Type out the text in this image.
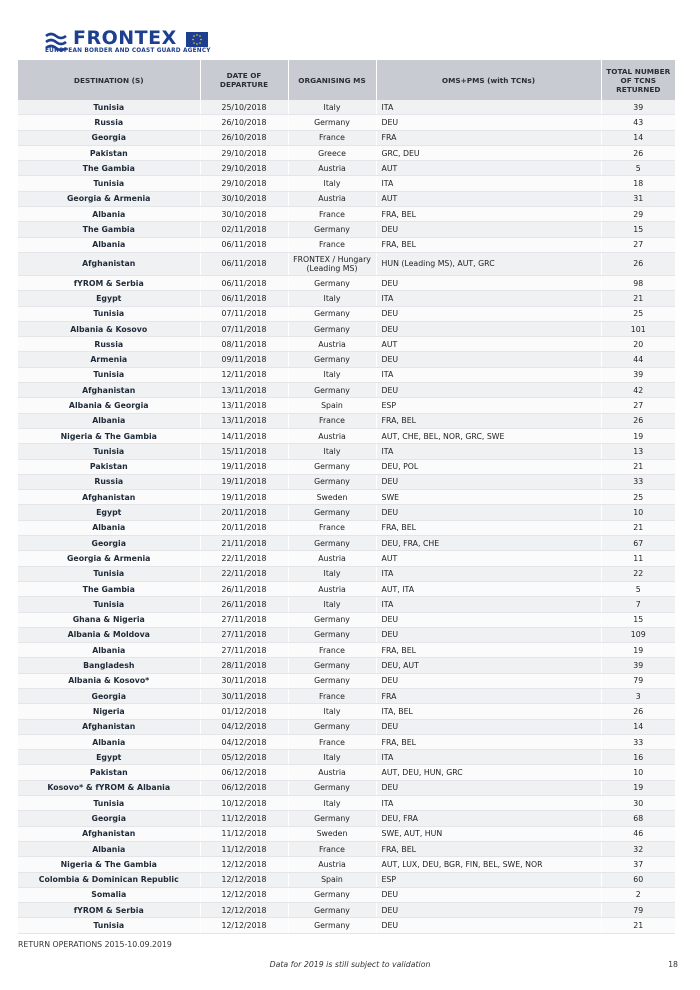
FRONTEX
EUROPEAN BORDER AND COAST GUARD AGENCY
DESTINATION (S)	DATE OF DEPARTURE	ORGANISING MS	OMS+PMS (with TCNs)	TOTAL NUMBER OF TCNS RETURNED
Tunisia	25/10/2018	Italy	ITA	39
Russia	26/10/2018	Germany	DEU	43
Georgia	26/10/2018	France	FRA	14
Pakistan	29/10/2018	Greece	GRC, DEU	26
The Gambia	29/10/2018	Austria	AUT	5
Tunisia	29/10/2018	Italy	ITA	18
Georgia & Armenia	30/10/2018	Austria	AUT	31
Albania	30/10/2018	France	FRA, BEL	29
The Gambia	02/11/2018	Germany	DEU	15
Albania	06/11/2018	France	FRA, BEL	27
Afghanistan	06/11/2018	FRONTEX / Hungary (Leading MS)	HUN (Leading MS), AUT, GRC	26
fYROM & Serbia	06/11/2018	Germany	DEU	98
Egypt	06/11/2018	Italy	ITA	21
Tunisia	07/11/2018	Germany	DEU	25
Albania & Kosovo	07/11/2018	Germany	DEU	101
Russia	08/11/2018	Austria	AUT	20
Armenia	09/11/2018	Germany	DEU	44
Tunisia	12/11/2018	Italy	ITA	39
Afghanistan	13/11/2018	Germany	DEU	42
Albania & Georgia	13/11/2018	Spain	ESP	27
Albania	13/11/2018	France	FRA, BEL	26
Nigeria & The Gambia	14/11/2018	Austria	AUT, CHE, BEL, NOR, GRC, SWE	19
Tunisia	15/11/2018	Italy	ITA	13
Pakistan	19/11/2018	Germany	DEU, POL	21
Russia	19/11/2018	Germany	DEU	33
Afghanistan	19/11/2018	Sweden	SWE	25
Egypt	20/11/2018	Germany	DEU	10
Albania	20/11/2018	France	FRA, BEL	21
Georgia	21/11/2018	Germany	DEU, FRA, CHE	67
Georgia & Armenia	22/11/2018	Austria	AUT	11
Tunisia	22/11/2018	Italy	ITA	22
The Gambia	26/11/2018	Austria	AUT, ITA	5
Tunisia	26/11/2018	Italy	ITA	7
Ghana & Nigeria	27/11/2018	Germany	DEU	15
Albania & Moldova	27/11/2018	Germany	DEU	109
Albania	27/11/2018	France	FRA, BEL	19
Bangladesh	28/11/2018	Germany	DEU, AUT	39
Albania & Kosovo*	30/11/2018	Germany	DEU	79
Georgia	30/11/2018	France	FRA	3
Nigeria	01/12/2018	Italy	ITA, BEL	26
Afghanistan	04/12/2018	Germany	DEU	14
Albania	04/12/2018	France	FRA, BEL	33
Egypt	05/12/2018	Italy	ITA	16
Pakistan	06/12/2018	Austria	AUT, DEU, HUN, GRC	10
Kosovo* & fYROM & Albania	06/12/2018	Germany	DEU	19
Tunisia	10/12/2018	Italy	ITA	30
Georgia	11/12/2018	Germany	DEU, FRA	68
Afghanistan	11/12/2018	Sweden	SWE, AUT, HUN	46
Albania	11/12/2018	France	FRA, BEL	32
Nigeria & The Gambia	12/12/2018	Austria	AUT, LUX, DEU, BGR, FIN, BEL, SWE, NOR	37
Colombia & Dominican Republic	12/12/2018	Spain	ESP	60
Somalia	12/12/2018	Germany	DEU	2
fYROM & Serbia	12/12/2018	Germany	DEU	79
Tunisia	12/12/2018	Germany	DEU	21
RETURN OPERATIONS 2015-10.09.2019
Data for 2019 is still subject to validation	18
